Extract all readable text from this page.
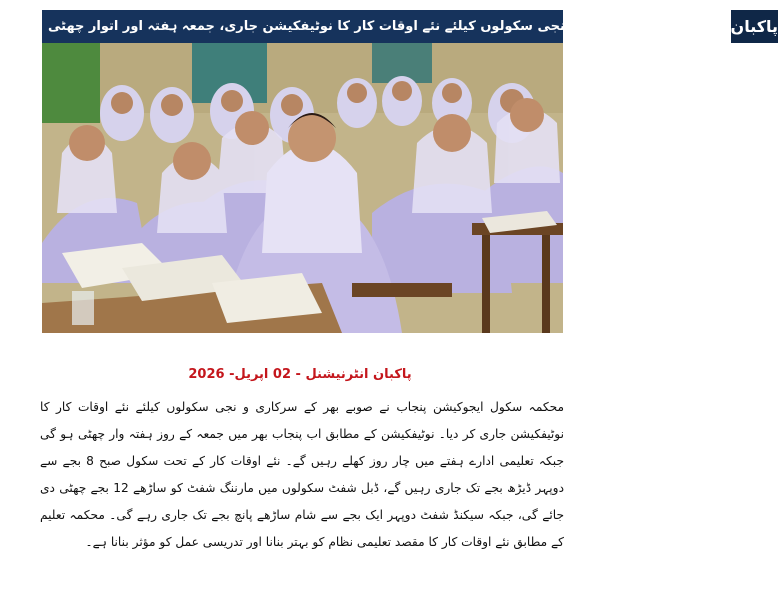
پنجاب بھر کے سرکاری و نجی سکولوں کیلئے نئے اوقات کار کا نوٹیفکیشن جاری، جمعہ ہفتہ اور اتوار چھٹی پاکبان
پاکبان انٹرنیشنل - 02 اپریل- 2026
محکمہ سکول ایجوکیشن پنجاب نے صوبے بھر کے سرکاری و نجی سکولوں کیلئے نئے اوقات کار کا نوٹیفکیشن جاری کر دیا۔ نوٹیفکیشن کے مطابق اب پنجاب بھر میں جمعہ کے روز ہفتہ وار چھٹی ہو گی جبکہ تعلیمی ادارے ہفتے میں چار روز کھلے رہیں گے۔ نئے اوقات کار کے تحت سکول صبح 8 بجے سے دوپہر ڈیڑھ بجے تک جاری رہیں گے، ڈبل شفٹ سکولوں میں مارننگ شفٹ کو ساڑھے 12 بجے چھٹی دی جائے گی، جبکہ سیکنڈ شفٹ دوپہر ایک بجے سے شام ساڑھے پانچ بجے تک جاری رہے گی۔ محکمہ تعلیم کے مطابق نئے اوقات کار کا مقصد تعلیمی نظام کو بہتر بنانا اور تدریسی عمل کو مؤثر بنانا ہے۔
